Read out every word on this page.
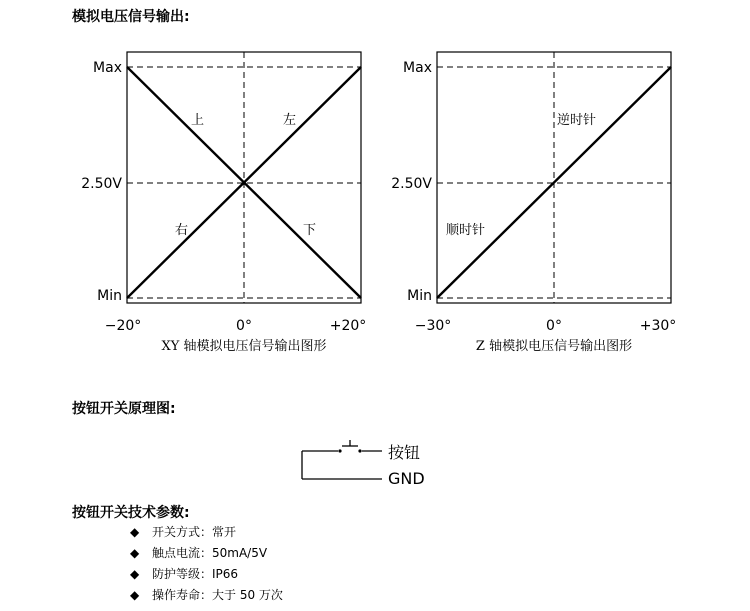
模拟电压信号输出:
Max
2.50V
Min
−20°	0°	+20°
上	左
右	下
XY 轴模拟电压信号输出图形
Max
2.50V
Min
−30°	0°	+30°
逆时针
顺时针
Z 轴模拟电压信号输出图形
按钮开关原理图:
按钮
GND
按钮开关技术参数:
◆	开关方式： 常开
◆	触点电流： 50mA/5V
◆	防护等级： IP66
◆	操作寿命： 大于 50 万次
